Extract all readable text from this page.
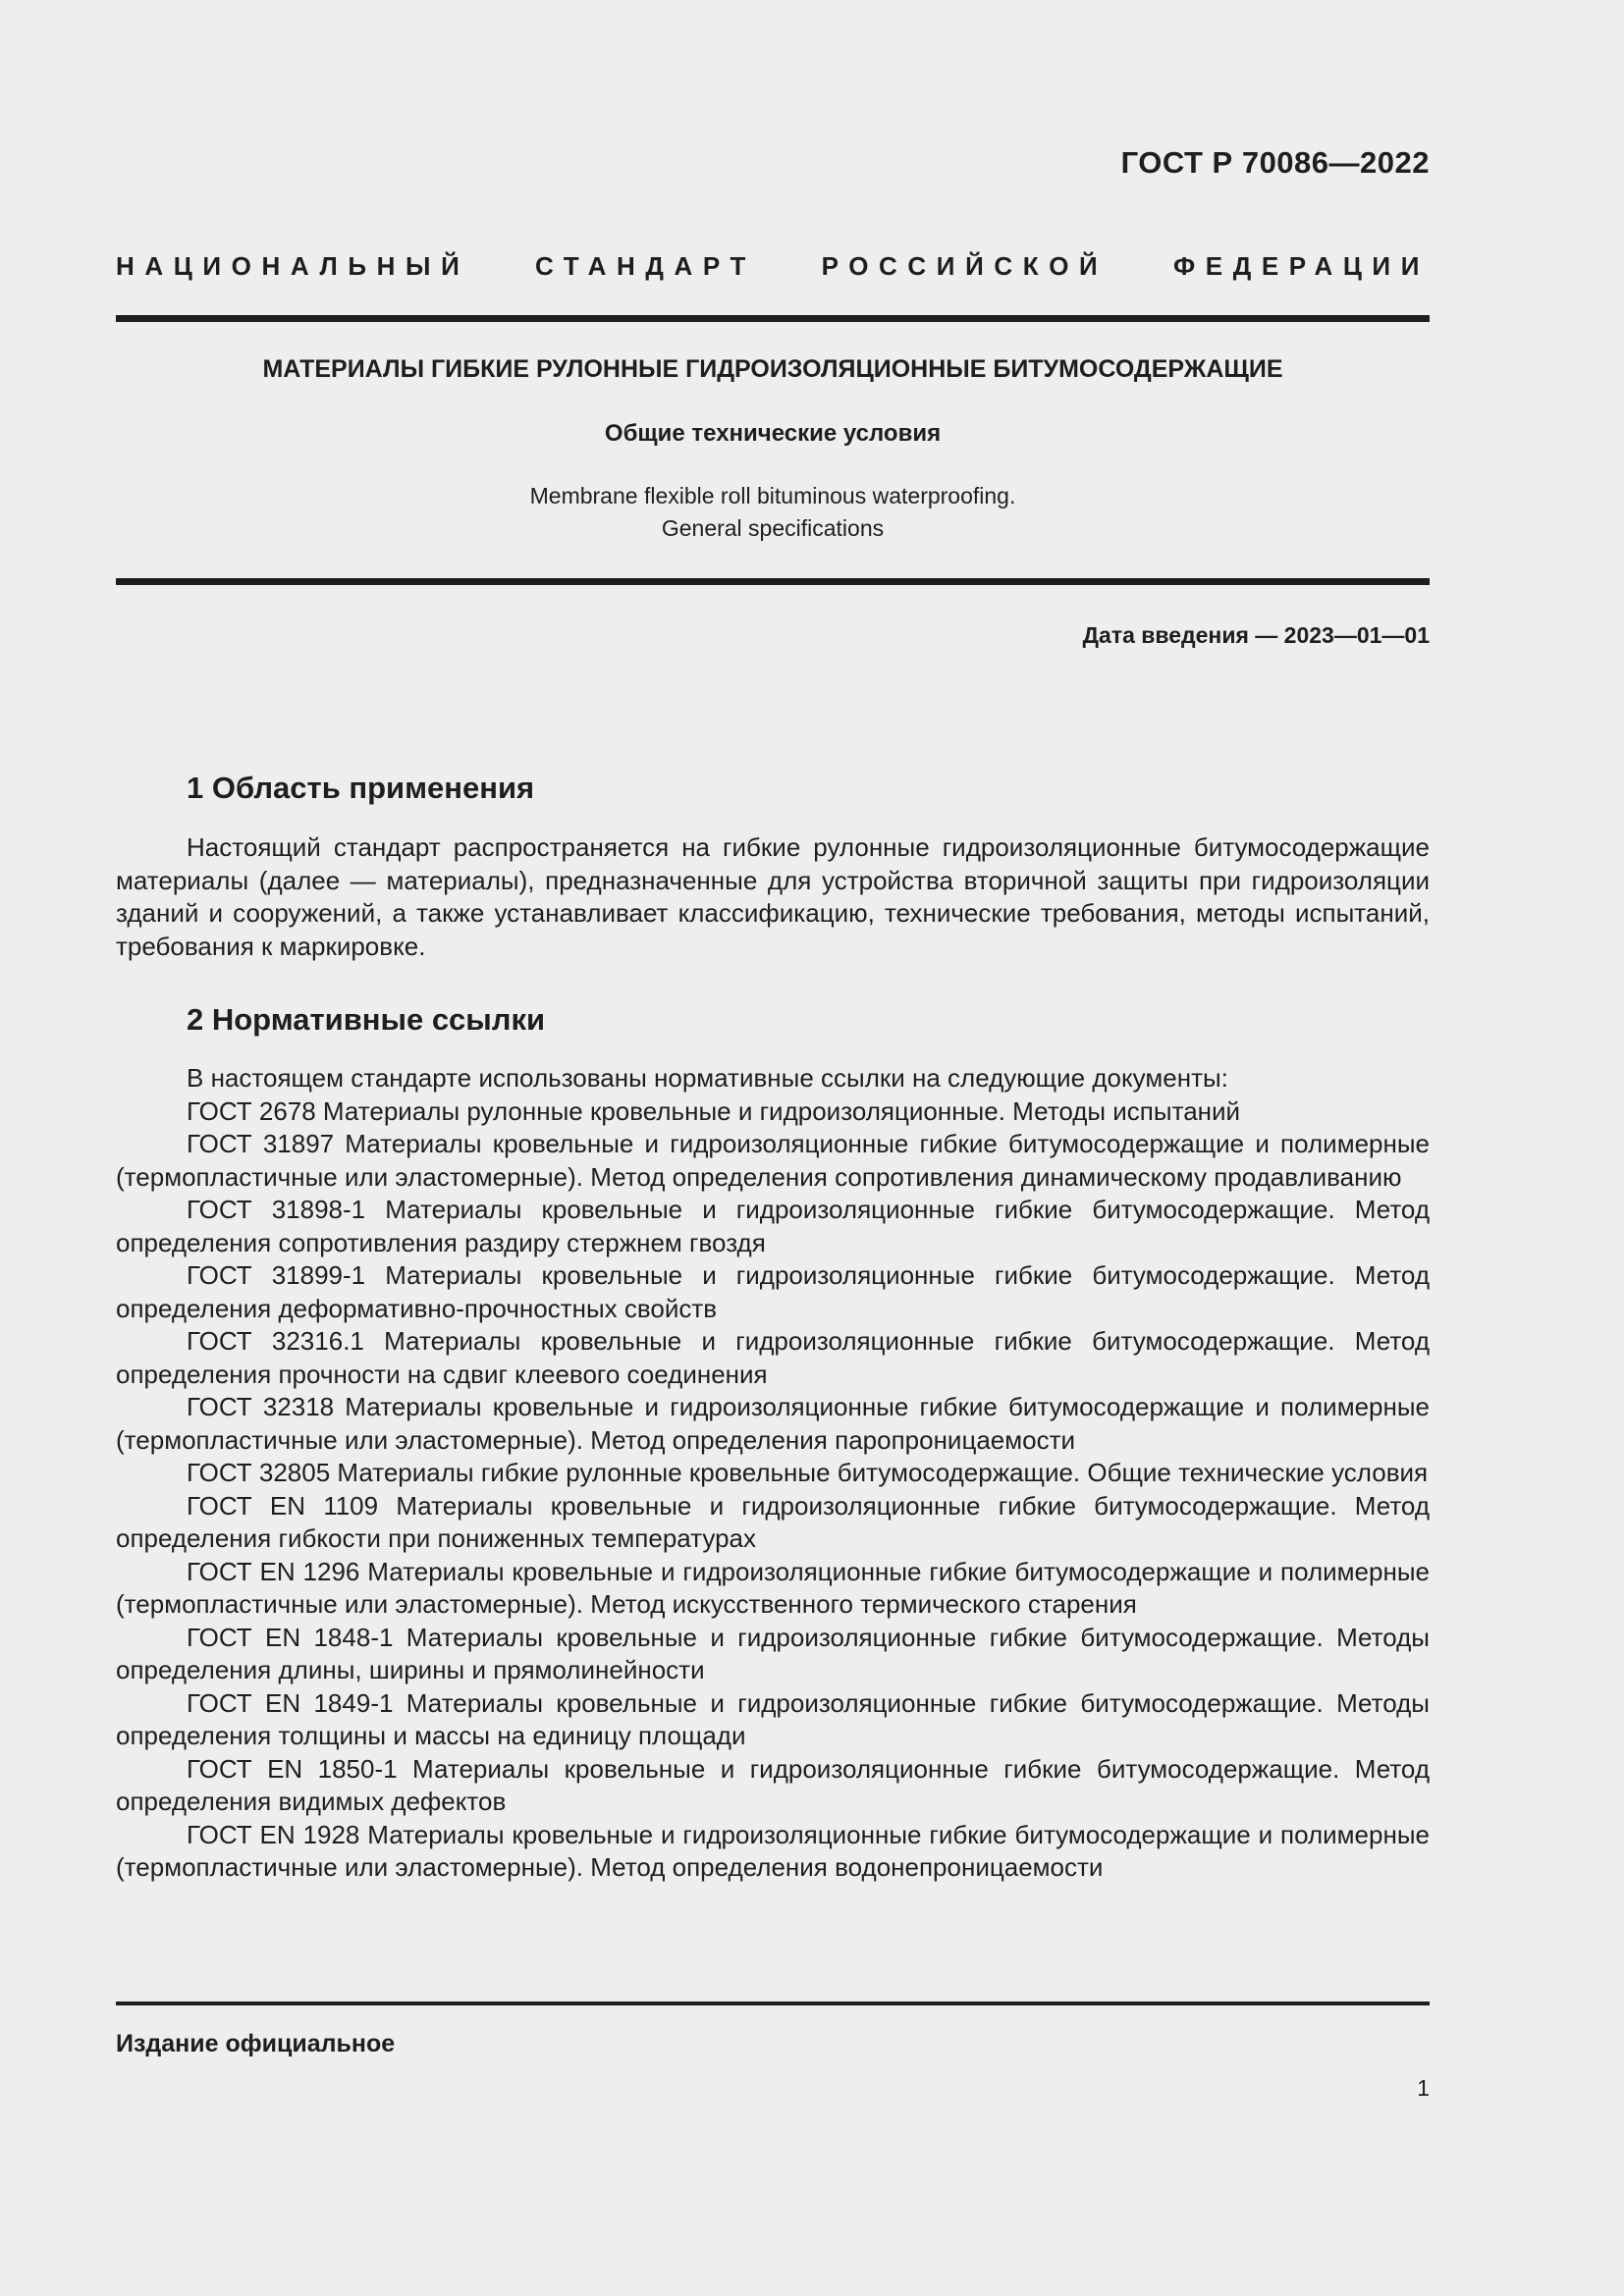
ГОСТ Р 70086—2022
НАЦИОНАЛЬНЫЙ СТАНДАРТ РОССИЙСКОЙ ФЕДЕРАЦИИ
МАТЕРИАЛЫ ГИБКИЕ РУЛОННЫЕ ГИДРОИЗОЛЯЦИОННЫЕ БИТУМОСОДЕРЖАЩИЕ
Общие технические условия
Membrane flexible roll bituminous waterproofing.
General specifications
Дата введения — 2023—01—01
1 Область применения
Настоящий стандарт распространяется на гибкие рулонные гидроизоляционные битумосодержащие материалы (далее — материалы), предназначенные для устройства вторичной защиты при гидроизоляции зданий и сооружений, а также устанавливает классификацию, технические требования, методы испытаний, требования к маркировке.
2 Нормативные ссылки

В настоящем стандарте использованы нормативные ссылки на следующие документы:

ГОСТ 2678 Материалы рулонные кровельные и гидроизоляционные. Методы испытаний

ГОСТ 31897 Материалы кровельные и гидроизоляционные гибкие битумосодержащие и полимерные (термопластичные или эластомерные). Метод определения сопротивления динамическому продавливанию

ГОСТ 31898-1 Материалы кровельные и гидроизоляционные гибкие битумосодержащие. Метод определения сопротивления раздиру стержнем гвоздя

ГОСТ 31899-1 Материалы кровельные и гидроизоляционные гибкие битумосодержащие. Метод определения деформативно-прочностных свойств

ГОСТ 32316.1 Материалы кровельные и гидроизоляционные гибкие битумосодержащие. Метод определения прочности на сдвиг клеевого соединения

ГОСТ 32318 Материалы кровельные и гидроизоляционные гибкие битумосодержащие и полимерные (термопластичные или эластомерные). Метод определения паропроницаемости

ГОСТ 32805 Материалы гибкие рулонные кровельные битумосодержащие. Общие технические условия

ГОСТ EN 1109 Материалы кровельные и гидроизоляционные гибкие битумосодержащие. Метод определения гибкости при пониженных температурах

ГОСТ EN 1296 Материалы кровельные и гидроизоляционные гибкие битумосодержащие и полимерные (термопластичные или эластомерные). Метод искусственного термического старения

ГОСТ EN 1848-1 Материалы кровельные и гидроизоляционные гибкие битумосодержащие. Методы определения длины, ширины и прямолинейности

ГОСТ EN 1849-1 Материалы кровельные и гидроизоляционные гибкие битумосодержащие. Методы определения толщины и массы на единицу площади

ГОСТ EN 1850-1 Материалы кровельные и гидроизоляционные гибкие битумосодержащие. Метод определения видимых дефектов

ГОСТ EN 1928 Материалы кровельные и гидроизоляционные гибкие битумосодержащие и полимерные (термопластичные или эластомерные). Метод определения водонепроницаемости

Издание официальное
1
